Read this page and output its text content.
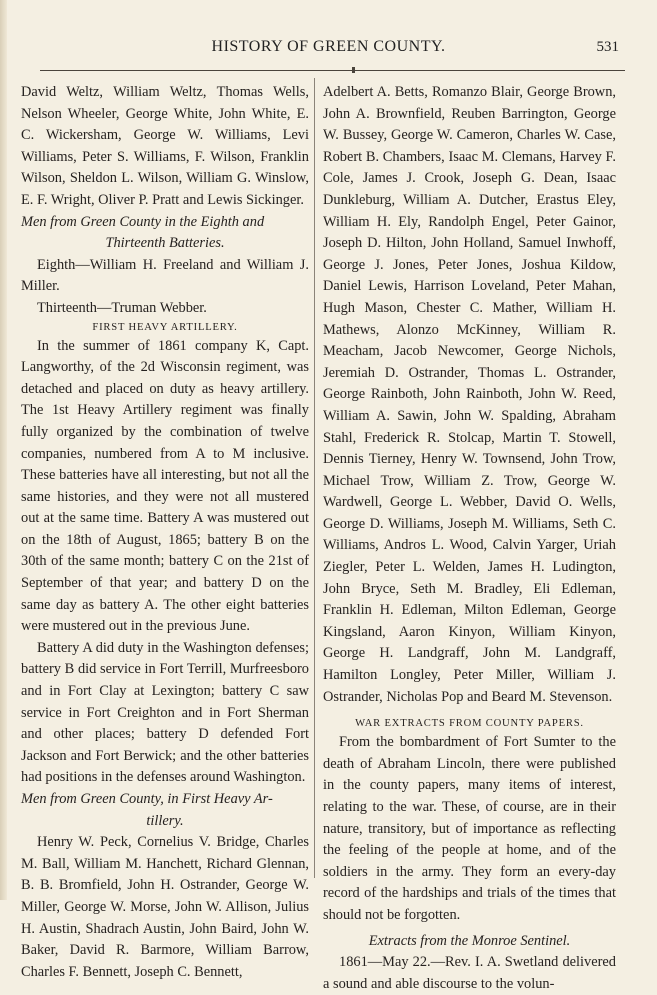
HISTORY OF GREEN COUNTY.	531

David Weltz, William Weltz, Thomas Wells, Nelson Wheeler, George White, John White, E. C. Wickersham, George W. Williams, Levi Williams, Peter S. Williams, F. Wilson, Franklin Wilson, Sheldon L. Wilson, William G. Winslow, E. F. Wright, Oliver P. Pratt and Lewis Sickinger.

Men from Green County in the Eighth and

Thirteenth Batteries.

Eighth—William H. Freeland and William J. Miller.

Thirteenth—Truman Webber.

FIRST HEAVY ARTILLERY.

In the summer of 1861 company K, Capt. Langworthy, of the 2d Wisconsin regiment, was detached and placed on duty as heavy artillery. The 1st Heavy Artillery regiment was finally fully organized by the combination of twelve companies, numbered from A to M inclusive. These batteries have all interesting, but not all the same histories, and they were not all mustered out at the same time. Battery A was mustered out on the 18th of August, 1865; battery B on the 30th of the same month; battery C on the 21st of September of that year; and battery D on the same day as battery A. The other eight batteries were mustered out in the previous June.

Battery A did duty in the Washington defenses; battery B did service in Fort Terrill, Murfreesboro and in Fort Clay at Lexington; battery C saw service in Fort Creighton and in Fort Sherman and other places; battery D defended Fort Jackson and Fort Berwick; and the other batteries had positions in the defenses around Washington.

Men from Green County, in First Heavy Ar-

tillery.

Henry W. Peck, Cornelius V. Bridge, Charles M. Ball, William M. Hanchett, Richard Glennan, B. B. Bromfield, John H. Ostrander, George W. Miller, George W. Morse, John W. Allison, Julius H. Austin, Shadrach Austin, John Baird, John W. Baker, David R. Barmore, William Barrow, Charles F. Bennett, Joseph C. Bennett,

Adelbert A. Betts, Romanzo Blair, George Brown, John A. Brownfield, Reuben Barrington, George W. Bussey, George W. Cameron, Charles W. Case, Robert B. Chambers, Isaac M. Clemans, Harvey F. Cole, James J. Crook, Joseph G. Dean, Isaac Dunkleburg, William A. Dutcher, Erastus Eley, William H. Ely, Randolph Engel, Peter Gainor, Joseph D. Hilton, John Holland, Samuel Inwhoff, George J. Jones, Peter Jones, Joshua Kildow, Daniel Lewis, Harrison Loveland, Peter Mahan, Hugh Mason, Chester C. Mather, William H. Mathews, Alonzo McKinney, William R. Meacham, Jacob Newcomer, George Nichols, Jeremiah D. Ostrander, Thomas L. Ostrander, George Rainboth, John Rainboth, John W. Reed, William A. Sawin, John W. Spalding, Abraham Stahl, Frederick R. Stolcap, Martin T. Stowell, Dennis Tierney, Henry W. Townsend, John Trow, Michael Trow, William Z. Trow, George W. Wardwell, George L. Webber, David O. Wells, George D. Williams, Joseph M. Williams, Seth C. Williams, Andros L. Wood, Calvin Yarger, Uriah Ziegler, Peter L. Welden, James H. Ludington, John Bryce, Seth M. Bradley, Eli Edleman, Franklin H. Edleman, Milton Edleman, George Kingsland, Aaron Kinyon, William Kinyon, George H. Landgraff, John M. Landgraff, Hamilton Longley, Peter Miller, William J. Ostrander, Nicholas Pop and Beard M. Stevenson.

WAR EXTRACTS FROM COUNTY PAPERS.

From the bombardment of Fort Sumter to the death of Abraham Lincoln, there were published in the county papers, many items of interest, relating to the war. These, of course, are in their nature, transitory, but of importance as reflecting the feeling of the people at home, and of the soldiers in the army. They form an every-day record of the hardships and trials of the times that should not be forgotten.

Extracts from the Monroe Sentinel.

1861—May 22.—Rev. I. A. Swetland delivered a sound and able discourse to the volun-
